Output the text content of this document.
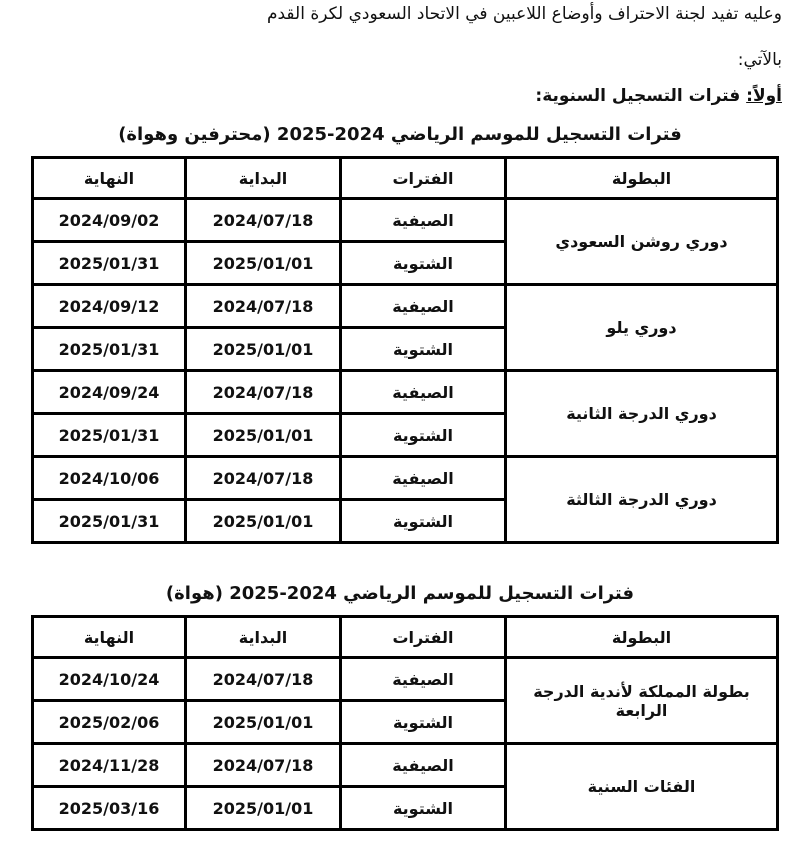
وعليه تفيد لجنة الاحتراف وأوضاع اللاعبين في الاتحاد السعودي لكرة القدم
بالآتي:
أولاً: فترات التسجيل السنوية:
فترات التسجيل للموسم الرياضي 2024-2025 (محترفين وهواة)
البطولة	الفترات	البداية	النهاية
دوري روشن السعودي	الصيفية	2024/07/18	2024/09/02
	الشتوية	2025/01/01	2025/01/31
دوري يلو	الصيفية	2024/07/18	2024/09/12
	الشتوية	2025/01/01	2025/01/31
دوري الدرجة الثانية	الصيفية	2024/07/18	2024/09/24
	الشتوية	2025/01/01	2025/01/31
دوري الدرجة الثالثة	الصيفية	2024/07/18	2024/10/06
	الشتوية	2025/01/01	2025/01/31
فترات التسجيل للموسم الرياضي 2024-2025 (هواة)
البطولة	الفترات	البداية	النهاية
بطولة المملكة لأندية الدرجة الرابعة	الصيفية	2024/07/18	2024/10/24
	الشتوية	2025/01/01	2025/02/06
الفئات السنية	الصيفية	2024/07/18	2024/11/28
	الشتوية	2025/01/01	2025/03/16
